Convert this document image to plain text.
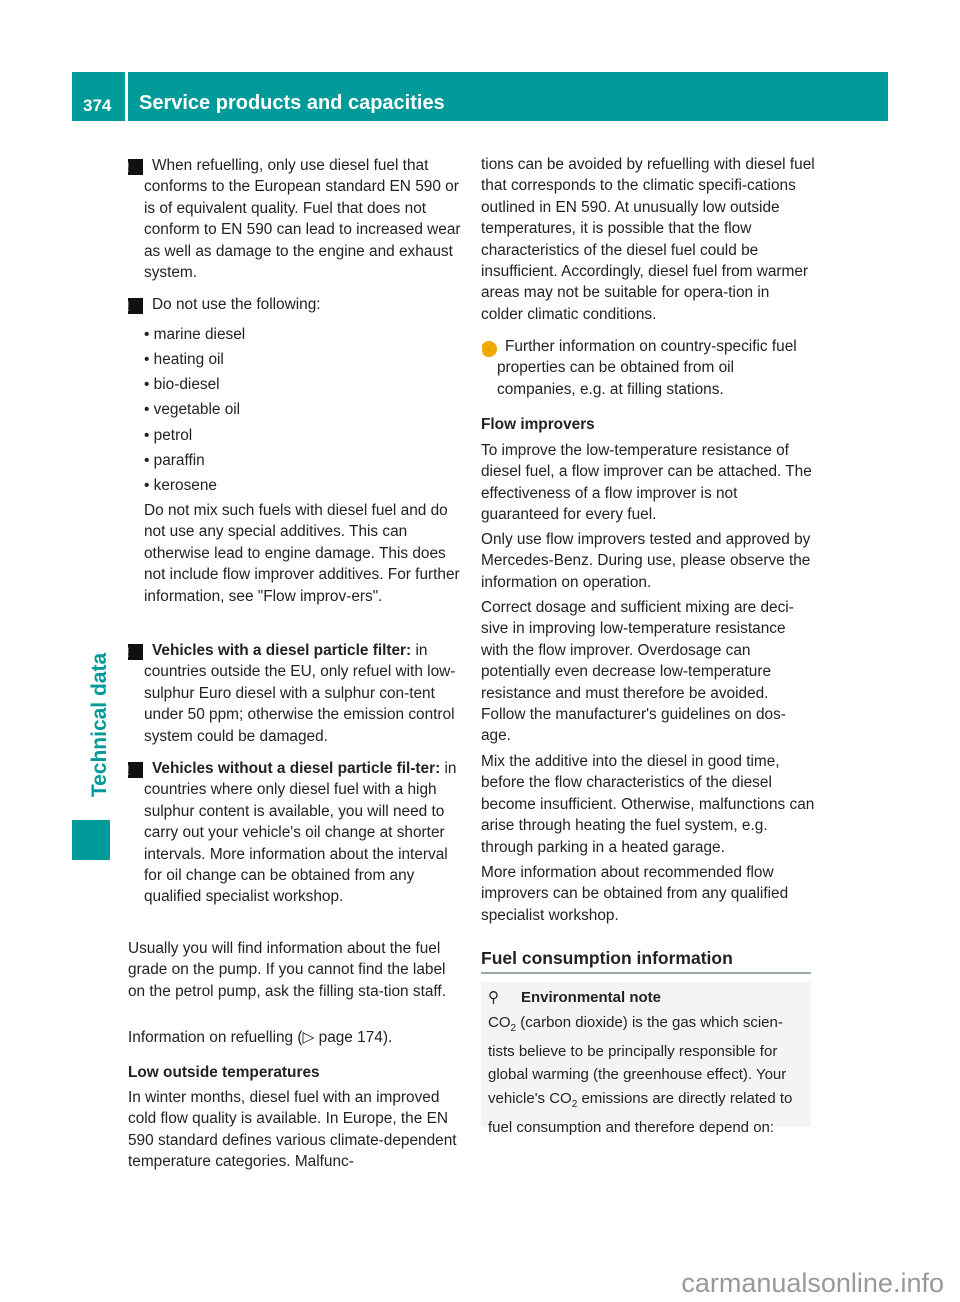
374	Service products and capacities
Technical data
! When refuelling, only use diesel fuel that conforms to the European standard EN 590 or is of equivalent quality. Fuel that does not conform to EN 590 can lead to increased wear as well as damage to the engine and exhaust system.
! Do not use the following:
• marine diesel
• heating oil
• bio-diesel
• vegetable oil
• petrol
• paraffin
• kerosene
Do not mix such fuels with diesel fuel and do not use any special additives. This can otherwise lead to engine damage. This does not include flow improver additives. For further information, see "Flow improv-ers".
! Vehicles with a diesel particle filter: in countries outside the EU, only refuel with low-sulphur Euro diesel with a sulphur con-tent under 50 ppm; otherwise the emission control system could be damaged.
! Vehicles without a diesel particle fil-ter: in countries where only diesel fuel with a high sulphur content is available, you will need to carry out your vehicle's oil change at shorter intervals. More information about the interval for oil change can be obtained from any qualified specialist workshop.
Usually you will find information about the fuel grade on the pump. If you cannot find the label on the petrol pump, ask the filling sta-tion staff.
Information on refuelling (▷ page 174).
Low outside temperatures
In winter months, diesel fuel with an improved cold flow quality is available. In Europe, the EN 590 standard defines various climate-dependent temperature categories. Malfunc-
tions can be avoided by refuelling with diesel fuel that corresponds to the climatic specifi-cations outlined in EN 590. At unusually low outside temperatures, it is possible that the flow characteristics of the diesel fuel could be insufficient. Accordingly, diesel fuel from warmer areas may not be suitable for opera-tion in colder climatic conditions.
i Further information on country-specific fuel properties can be obtained from oil companies, e.g. at filling stations.
Flow improvers
To improve the low-temperature resistance of diesel fuel, a flow improver can be attached. The effectiveness of a flow improver is not guaranteed for every fuel.
Only use flow improvers tested and approved by Mercedes-Benz. During use, please observe the information on operation.
Correct dosage and sufficient mixing are deci-sive in improving low-temperature resistance with the flow improver. Overdosage can potentially even decrease low-temperature resistance and must therefore be avoided. Follow the manufacturer's guidelines on dos-age.
Mix the additive into the diesel in good time, before the flow characteristics of the diesel become insufficient. Otherwise, malfunctions can arise through heating the fuel system, e.g. through parking in a heated garage.
More information about recommended flow improvers can be obtained from any qualified specialist workshop.
Fuel consumption information
⚲ Environmental note
$CO_2$ (carbon dioxide) is the gas which scien-tists believe to be principally responsible for global warming (the greenhouse effect). Your vehicle's $CO_2$ emissions are directly related to fuel consumption and therefore depend on:
carmanualsonline.info
